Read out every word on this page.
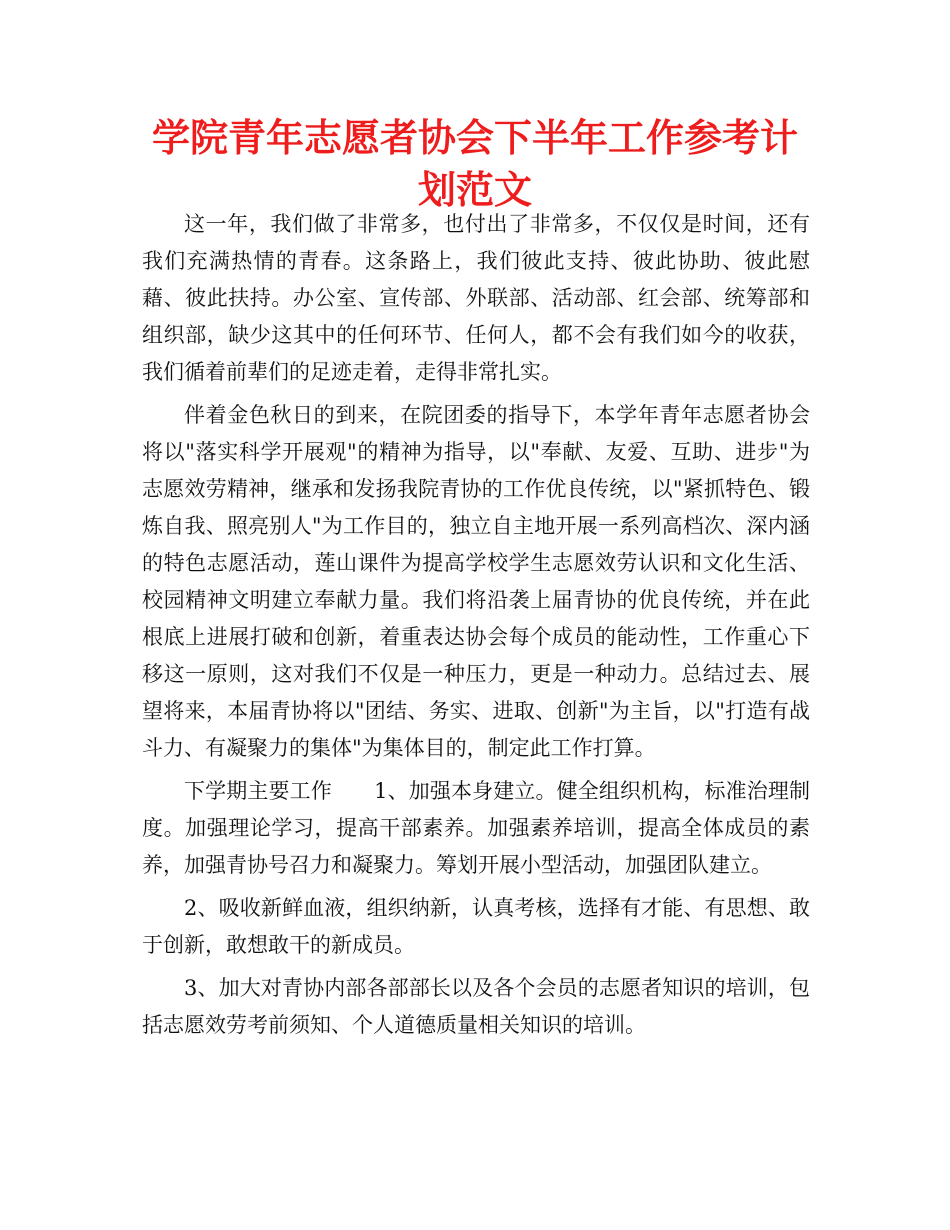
学院青年志愿者协会下半年工作参考计划范文

这一年，我们做了非常多，也付出了非常多，不仅仅是时间，还有我们充满热情的青春。这条路上，我们彼此支持、彼此协助、彼此慰藉、彼此扶持。办公室、宣传部、外联部、活动部、红会部、统筹部和组织部，缺少这其中的任何环节、任何人，都不会有我们如今的收获，我们循着前辈们的足迹走着，走得非常扎实。

伴着金色秋日的到来，在院团委的指导下，本学年青年志愿者协会将以"落实科学开展观"的精神为指导，以"奉献、友爱、互助、进步"为志愿效劳精神，继承和发扬我院青协的工作优良传统，以"紧抓特色、锻炼自我、照亮别人"为工作目的，独立自主地开展一系列高档次、深内涵的特色志愿活动，莲山课件为提高学校学生志愿效劳认识和文化生活、校园精神文明建立奉献力量。我们将沿袭上届青协的优良传统，并在此根底上进展打破和创新，着重表达协会每个成员的能动性，工作重心下移这一原则，这对我们不仅是一种压力，更是一种动力。总结过去、展望将来，本届青协将以"团结、务实、进取、创新"为主旨，以"打造有战斗力、有凝聚力的集体"为集体目的，制定此工作打算。

下学期主要工作　　1、加强本身建立。健全组织机构，标准治理制度。加强理论学习，提高干部素养。加强素养培训，提高全体成员的素养，加强青协号召力和凝聚力。筹划开展小型活动，加强团队建立。

2、吸收新鲜血液，组织纳新，认真考核，选择有才能、有思想、敢于创新，敢想敢干的新成员。

3、加大对青协内部各部部长以及各个会员的志愿者知识的培训，包括志愿效劳考前须知、个人道德质量相关知识的培训。
